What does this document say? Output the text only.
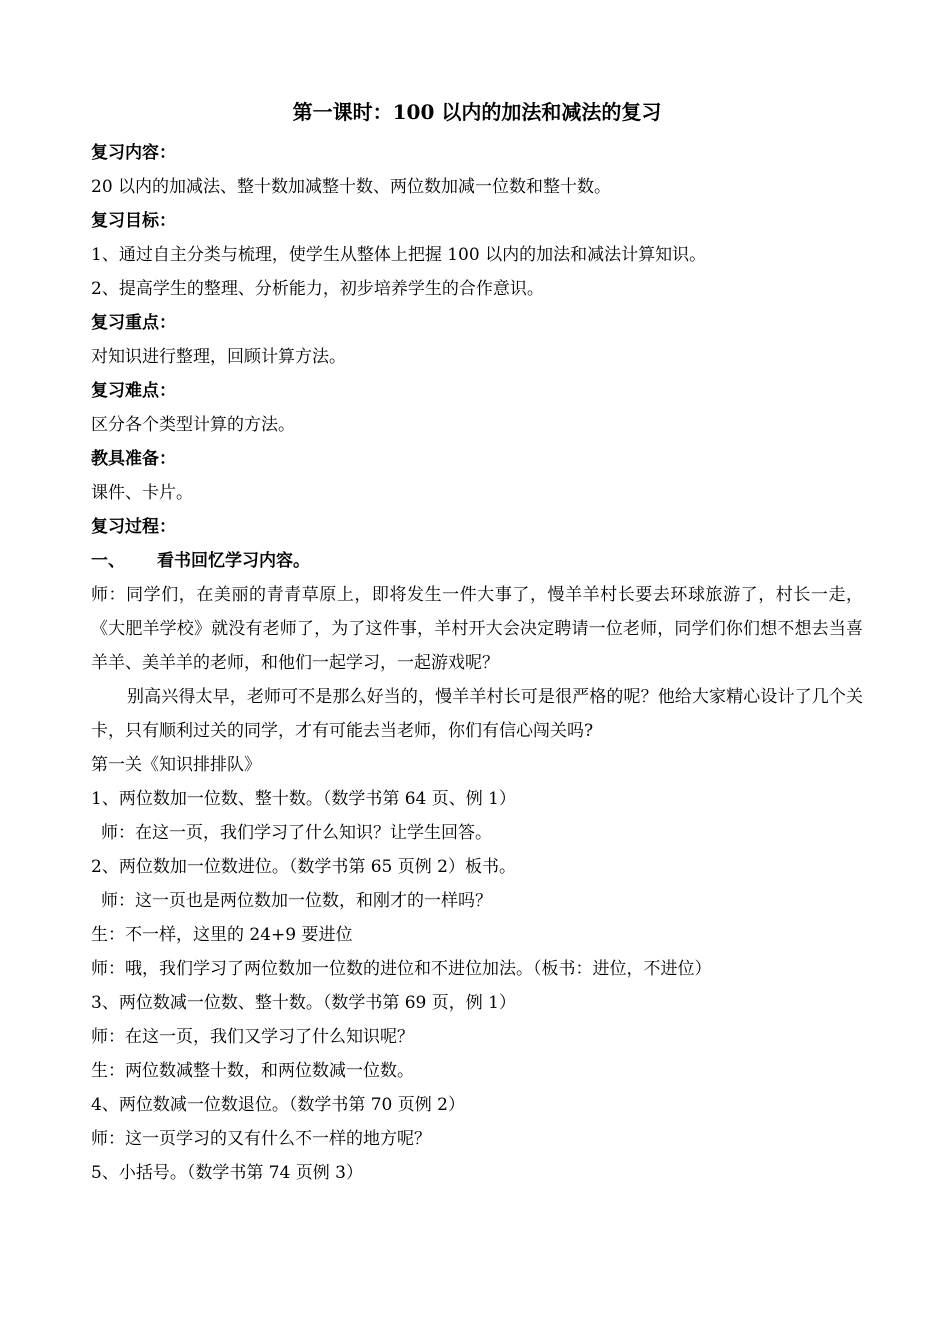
第一课时：100 以内的加法和减法的复习
复习内容：
20 以内的加减法、整十数加减整十数、两位数加减一位数和整十数。
复习目标：
1、通过自主分类与梳理，使学生从整体上把握 100 以内的加法和减法计算知识。
2、提高学生的整理、分析能力，初步培养学生的合作意识。
复习重点：
对知识进行整理，回顾计算方法。
复习难点：
区分各个类型计算的方法。
教具准备：
课件、卡片。
复习过程：
一、 看书回忆学习内容。
师：同学们，在美丽的青青草原上，即将发生一件大事了，慢羊羊村长要去环球旅游了，村长一走，《大肥羊学校》就没有老师了，为了这件事，羊村开大会决定聘请一位老师，同学们你们想不想去当喜羊羊、美羊羊的老师，和他们一起学习，一起游戏呢？
别高兴得太早，老师可不是那么好当的，慢羊羊村长可是很严格的呢？他给大家精心设计了几个关卡，只有顺利过关的同学，才有可能去当老师，你们有信心闯关吗?
第一关《知识排排队》
1、两位数加一位数、整十数。（数学书第 64 页、例 1）
师：在这一页，我们学习了什么知识？让学生回答。
2、两位数加一位数进位。（数学书第 65 页例 2）板书。
师：这一页也是两位数加一位数，和刚才的一样吗？
生：不一样，这里的 24+9 要进位
师：哦，我们学习了两位数加一位数的进位和不进位加法。（板书：进位，不进位）
3、两位数减一位数、整十数。（数学书第 69 页，例 1）
师：在这一页，我们又学习了什么知识呢？
生：两位数减整十数，和两位数减一位数。
4、两位数减一位数退位。（数学书第 70 页例 2）
师：这一页学习的又有什么不一样的地方呢？
5、小括号。（数学书第 74 页例 3）
